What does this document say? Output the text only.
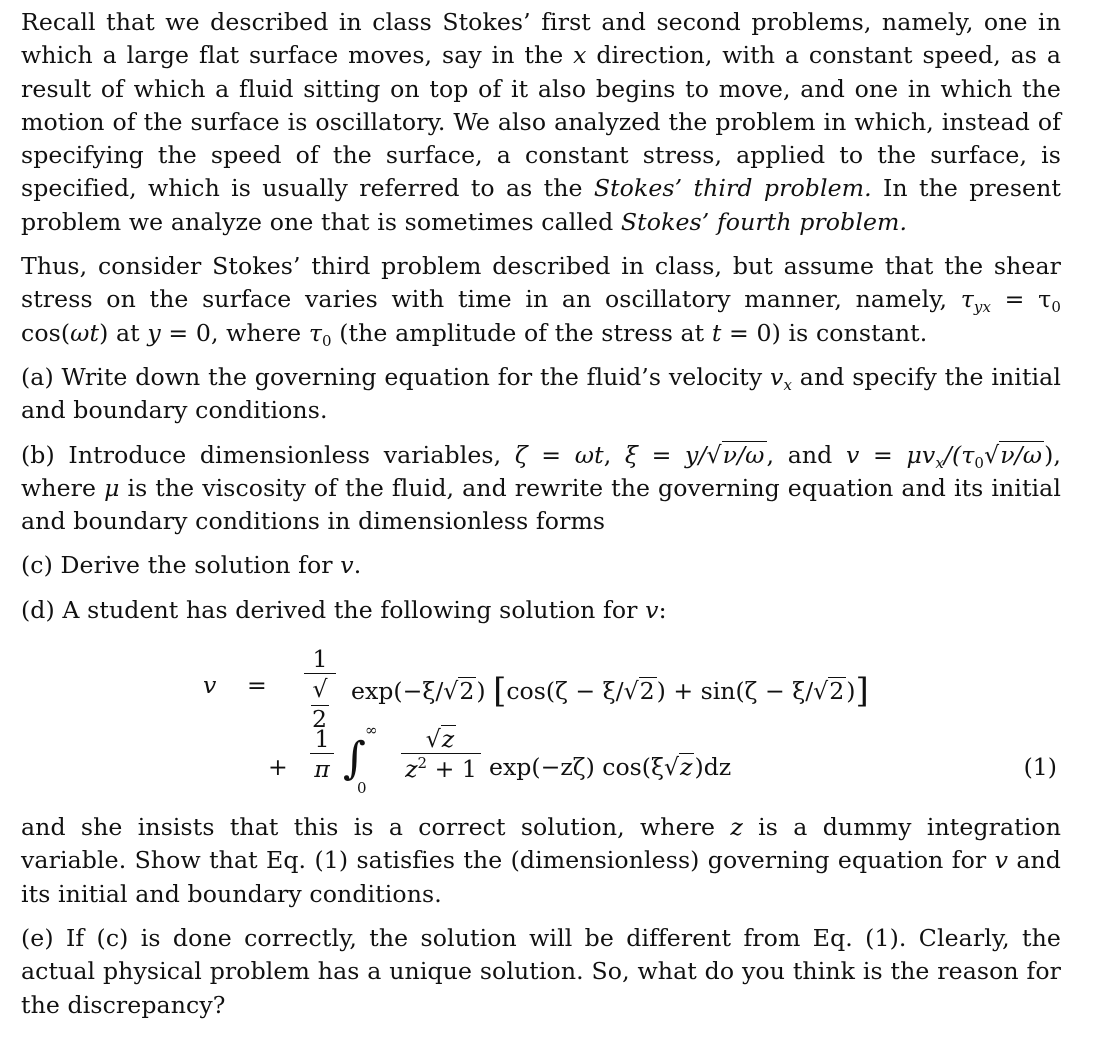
Recall that we described in class Stokes’ first and second problems, namely, one in which a large flat surface moves, say in the x direction, with a constant speed, as a result of which a fluid sitting on top of it also begins to move, and one in which the motion of the surface is oscillatory. We also analyzed the problem in which, instead of specifying the speed of the surface, a constant stress, applied to the surface, is specified, which is usually referred to as the Stokes’ third problem. In the present problem we analyze one that is sometimes called Stokes’ fourth problem.

Thus, consider Stokes’ third problem described in class, but assume that the shear stress on the surface varies with time in an oscillatory manner, namely, $\tau_{yx} = \tau_0$ cos(ωt) at y = 0, where $\tau_0$ (the amplitude of the stress at t = 0) is constant.

(a) Write down the governing equation for the fluid’s velocity $v_x$ and specify the initial and boundary conditions.

(b) Introduce dimensionless variables, ζ = ωt, ξ = y/√ν/ω, and $v = \mu v_x/(\tau_0√\nu/\omega)$, where μ is the viscosity of the fluid, and rewrite the governing equation and its initial and boundary conditions in dimensionless forms

(c) Derive the solution for v.

(d) A student has derived the following solution for v:

v =
1
√2
exp(−ξ/√2) [cos(ζ − ξ/√2) + sin(ζ − ξ/√2)]
+
1
π ∫
∞
0
√z
$z^2 + 1$ exp(−zζ) cos(ξ√z)dz	(1)

and she insists that this is a correct solution, where z is a dummy integration variable. Show that Eq. (1) satisfies the (dimensionless) governing equation for v and its initial and boundary conditions.

(e) If (c) is done correctly, the solution will be different from Eq. (1). Clearly, the actual physical problem has a unique solution. So, what do you think is the reason for the discrepancy?
